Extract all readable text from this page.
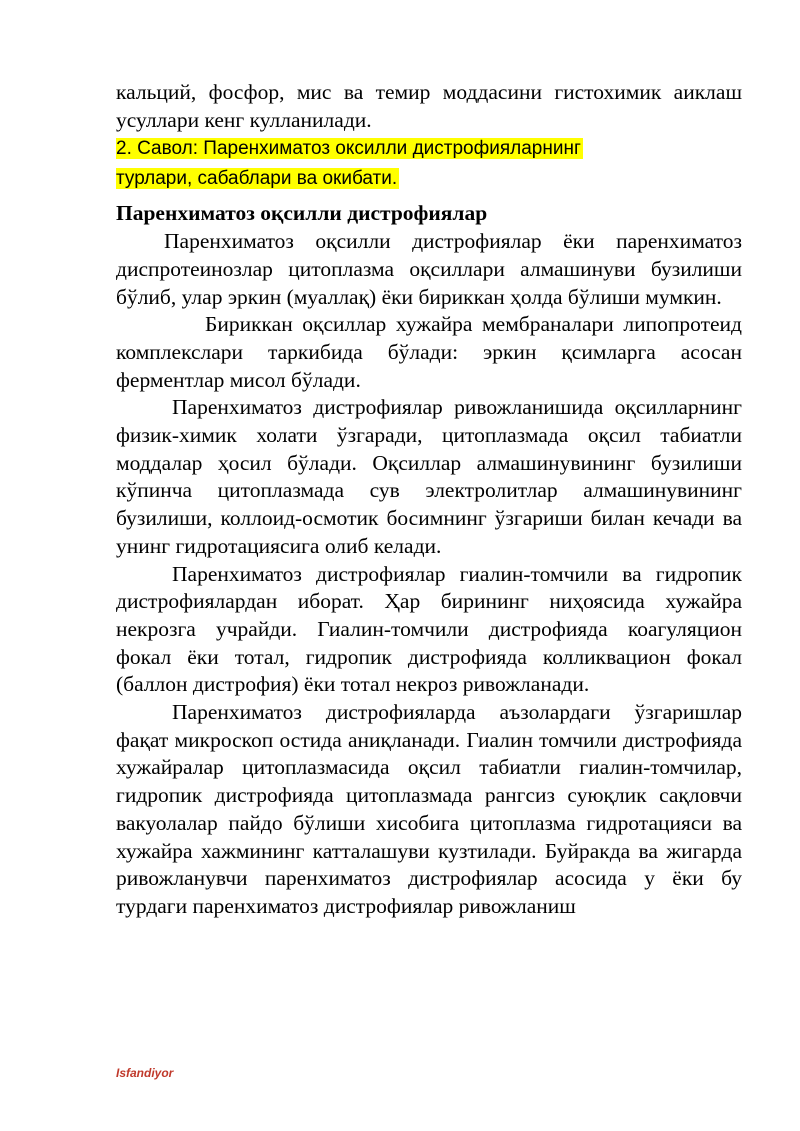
кальций, фосфор, мис ва темир моддасини гистохимик аиклаш усуллари кенг кулланилади.

2. Савол: Паренхиматоз оксилли дистрофияларнинг
турлари, сабаблари ва окибати.

Паренхиматоз оқсилли дистрофиялар

Паренхиматоз оқсилли дистрофиялар ёки паренхиматоз диспротеинозлар цитоплазма оқсиллари алмашинуви бузилиши бўлиб, улар эркин (муаллақ) ёки бириккан ҳолда бўлиши мумкин.

Бириккан оқсиллар хужайра мембраналари липопротеид комплекслари таркибида бўлади: эркин қсимларга асосан ферментлар мисол бўлади.

Паренхиматоз дистрофиялар ривожланишида оқсилларнинг физик-химик холати ўзгаради, цитоплазмада оқсил табиатли моддалар ҳосил бўлади. Оқсиллар алмашинувининг бузилиши кўпинча цитоплазмада сув электролитлар алмашинувининг бузилиши, коллоид-осмотик босимнинг ўзгариши билан кечади ва унинг гидротациясига олиб келади.

Паренхиматоз дистрофиялар гиалин-томчили ва гидропик дистрофиялардан иборат. Ҳар бирининг ниҳоясида хужайра некрозга учрайди. Гиалин-томчили дистрофияда коагуляцион фокал ёки тотал, гидропик дистрофияда колликвацион фокал (баллон дистрофия) ёки тотал некроз ривожланади.

Паренхиматоз дистрофияларда аъзолардаги ўзгаришлар фақат микроскоп остида аниқланади. Гиалин томчили дистрофияда хужайралар цитоплазмасида оқсил табиатли гиалин-томчилар, гидропик дистрофияда цитоплазмада рангсиз суюқлик сақловчи вакуолалар пайдо бўлиши хисобига цитоплазма гидротацияси ва хужайра хажмининг катталашуви кузтилади. Буйракда ва жигарда ривожланувчи паренхиматоз дистрофиялар асосида у ёки бу турдаги паренхиматоз дистрофиялар ривожланиш

Isfandiyor
